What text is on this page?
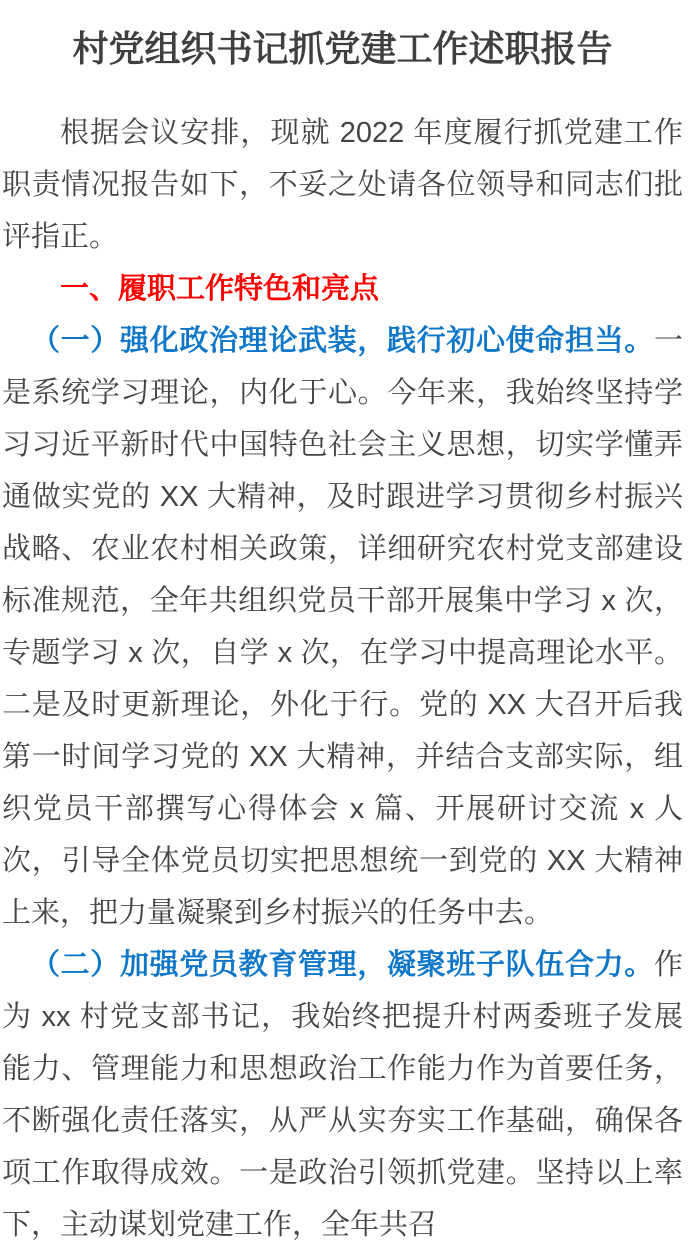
村党组织书记抓党建工作述职报告

根据会议安排，现就 2022 年度履行抓党建工作职责情况报告如下，不妥之处请各位领导和同志们批评指正。

一、履职工作特色和亮点

（一）强化政治理论武装，践行初心使命担当。一是系统学习理论，内化于心。今年来，我始终坚持学习习近平新时代中国特色社会主义思想，切实学懂弄通做实党的 XX 大精神，及时跟进学习贯彻乡村振兴战略、农业农村相关政策，详细研究农村党支部建设标准规范，全年共组织党员干部开展集中学习 x 次，专题学习 x 次，自学 x 次，在学习中提高理论水平。二是及时更新理论，外化于行。党的 XX 大召开后我第一时间学习党的 XX 大精神，并结合支部实际，组织党员干部撰写心得体会 x 篇、开展研讨交流 x 人次，引导全体党员切实把思想统一到党的 XX 大精神上来，把力量凝聚到乡村振兴的任务中去。

（二）加强党员教育管理，凝聚班子队伍合力。作为 xx 村党支部书记，我始终把提升村两委班子发展能力、管理能力和思想政治工作能力作为首要任务，不断强化责任落实，从严从实夯实工作基础，确保各项工作取得成效。一是政治引领抓党建。坚持以上率下，主动谋划党建工作，全年共召
